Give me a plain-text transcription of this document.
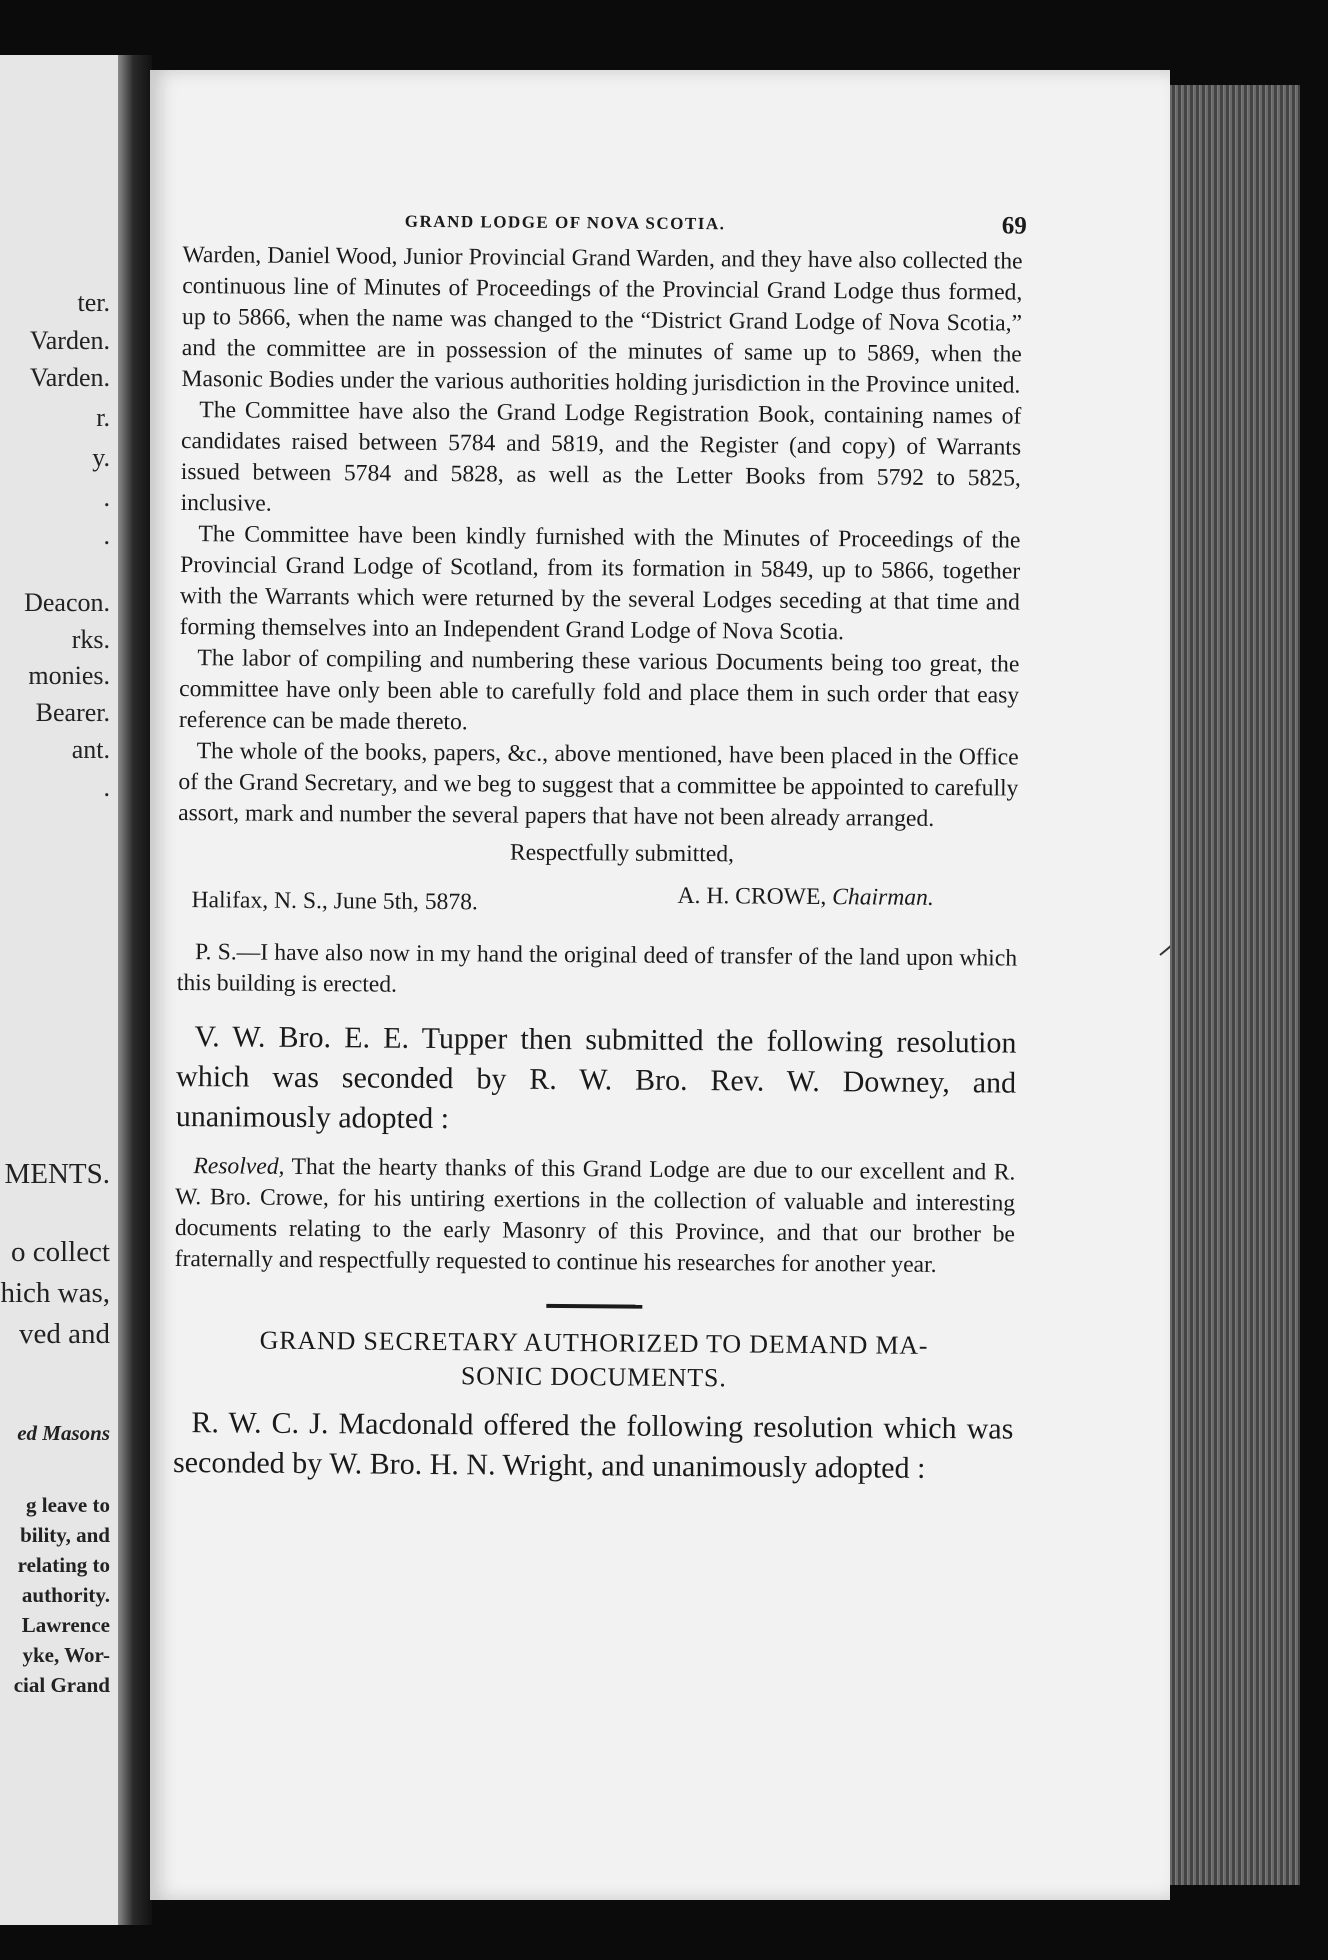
ter.
Varden.
Varden.
r.
y.
.
.
Deacon.
rks.
monies.
Bearer.
ant.
.
MENTS.
o collect
hich was,
ved and
ed Masons
g leave to
bility, and
relating to
authority.
Lawrence
yke, Wor-
cial Grand
GRAND LODGE OF NOVA SCOTIA.	69

Warden, Daniel Wood, Junior Provincial Grand Warden, and they have also collected the continuous line of Minutes of Proceedings of the Provincial Grand Lodge thus formed, up to 5866, when the name was changed to the “District Grand Lodge of Nova Scotia,” and the committee are in possession of the minutes of same up to 5869, when the Masonic Bodies under the various authorities holding jurisdiction in the Province united.

The Committee have also the Grand Lodge Registration Book, containing names of candidates raised between 5784 and 5819, and the Register (and copy) of Warrants issued between 5784 and 5828, as well as the Letter Books from 5792 to 5825, inclusive.

The Committee have been kindly furnished with the Minutes of Proceedings of the Provincial Grand Lodge of Scotland, from its formation in 5849, up to 5866, together with the Warrants which were returned by the several Lodges seceding at that time and forming themselves into an Independent Grand Lodge of Nova Scotia.

The labor of compiling and numbering these various Documents being too great, the committee have only been able to carefully fold and place them in such order that easy reference can be made thereto.

The whole of the books, papers, &c., above mentioned, have been placed in the Office of the Grand Secretary, and we beg to suggest that a committee be appointed to carefully assort, mark and number the several papers that have not been already arranged.

Respectfully submitted,
Halifax, N. S., June 5th, 5878.	A. H. CROWE, Chairman.

P. S.—I have also now in my hand the original deed of transfer of the land upon which this building is erected.

V. W. Bro. E. E. Tupper then submitted the following resolution which was seconded by R. W. Bro. Rev. W. Downey, and unanimously adopted :

Resolved, That the hearty thanks of this Grand Lodge are due to our excellent and R. W. Bro. Crowe, for his untiring exertions in the collection of valuable and interesting documents relating to the early Masonry of this Province, and that our brother be fraternally and respectfully requested to continue his researches for another year.

GRAND SECRETARY AUTHORIZED TO DEMAND MA-
SONIC DOCUMENTS.

R. W. C. J. Macdonald offered the following resolution which was seconded by W. Bro. H. N. Wright, and unanimously adopted :
